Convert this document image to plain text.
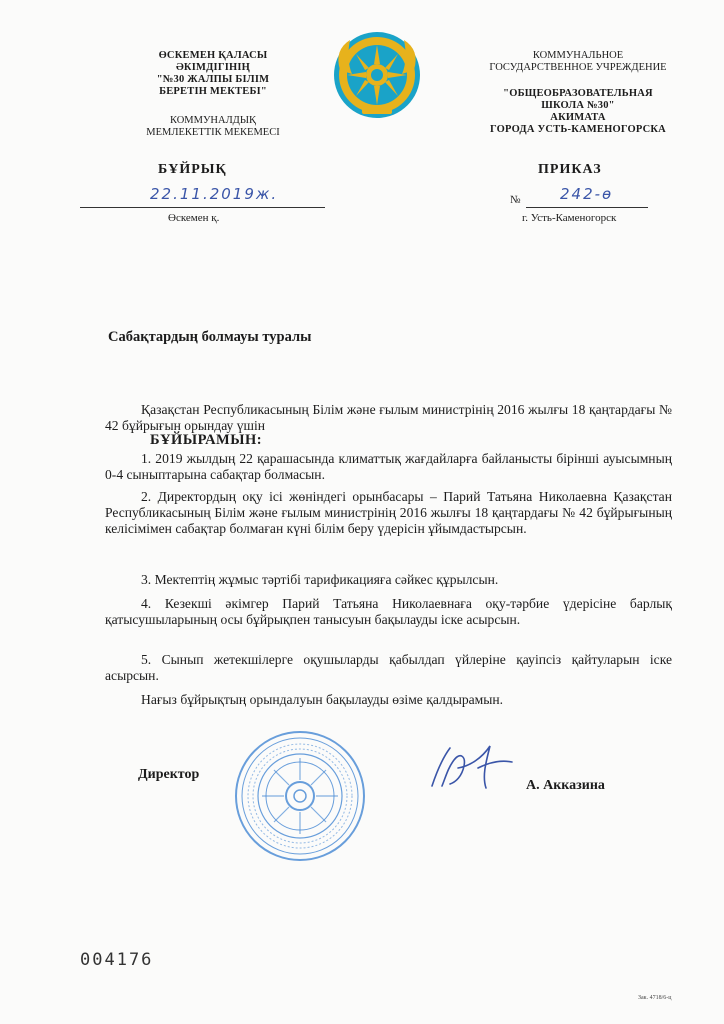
ӨСКЕМЕН ҚАЛАСЫ
ӘКІМДІГІНІҢ
"№30 ЖАЛПЫ БІЛІМ
БЕРЕТІН МЕКТЕБІ"
КОММУНАЛДЫҚ
МЕМЛЕКЕТТІК МЕКЕМЕСІ
КОММУНАЛЬНОЕ
ГОСУДАРСТВЕННОЕ УЧРЕЖДЕНИЕ
"ОБЩЕОБРАЗОВАТЕЛЬНАЯ
ШКОЛА №30"
АКИМАТА
ГОРОДА УСТЬ-КАМЕНОГОРСКА
БҰЙРЫҚ	ПРИКАЗ
22.11.2019ж.
Өскемен қ.
№	242-ө
г. Усть-Каменогорск
Сабақтардың болмауы туралы
Қазақстан Республикасының Білім және ғылым министрінің 2016 жылғы 18 қаңтардағы № 42 бұйрығын орындау үшін
БҰЙЫРАМЫН:
1. 2019 жылдың 22 қарашасында климаттық жағдайларға байланысты бірінші ауысымның 0-4 сыныптарына сабақтар болмасын.
2. Директордың оқу ісі жөніндегі орынбасары – Парий Татьяна Николаевна Қазақстан Республикасының Білім және ғылым министрінің 2016 жылғы 18 қаңтардағы № 42 бұйрығының келісімімен сабақтар болмаған күні білім беру үдерісін ұйымдастырсын.
3. Мектептің жұмыс тәртібі тарификацияға сәйкес құрылсын.
4. Кезекші әкімгер Парий Татьяна Николаевнаға оқу-тәрбие үдерісіне барлық қатысушыларының осы бұйрықпен танысуын бақылауды іске асырсын.
5. Сынып жетекшілерге оқушыларды қабылдап үйлеріне қауіпсіз қайтуларын іске асырсын.
Нағыз бұйрықтың орындалуын бақылауды өзіме қалдырамын.
Директор
А. Акказина
004176
Зак. 4718/6-ц
